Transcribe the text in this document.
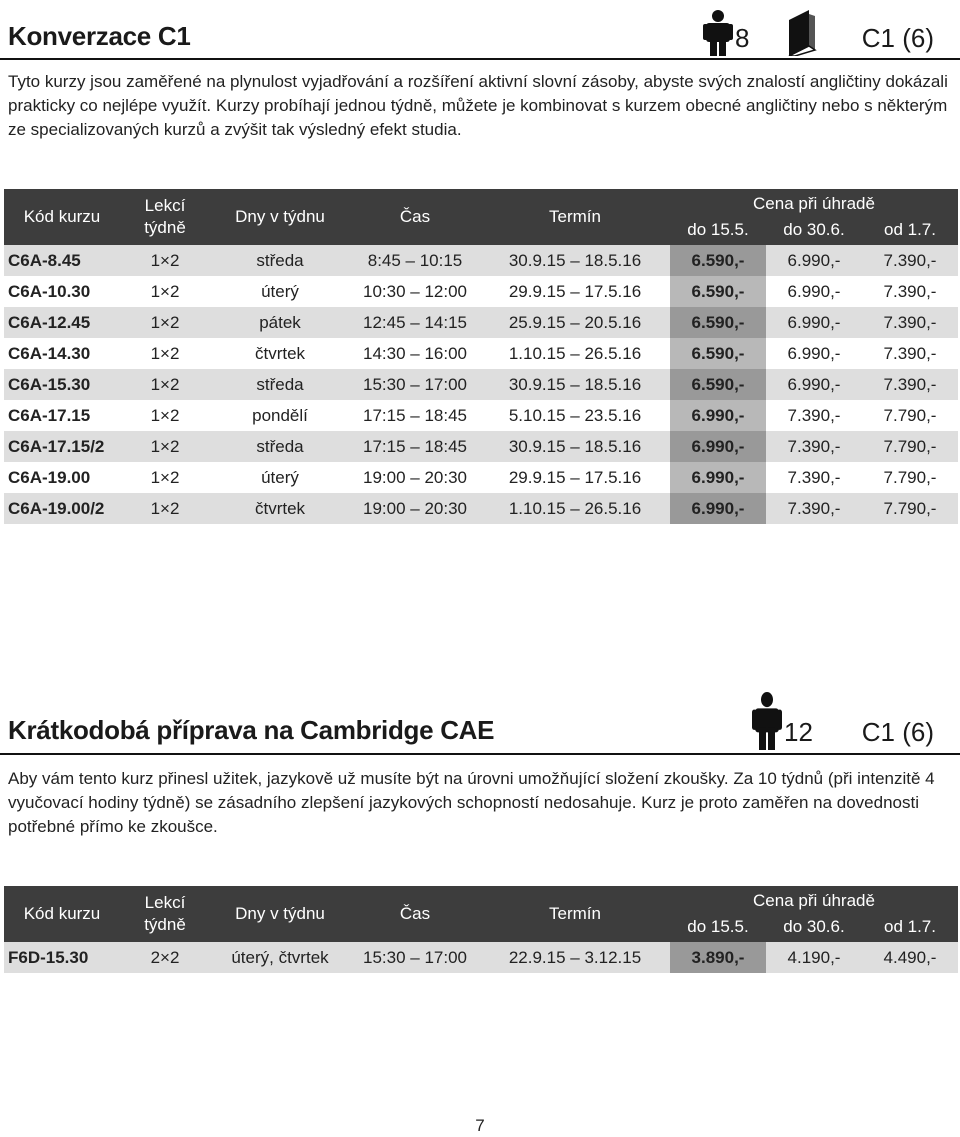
Konverzace C1	8	C1 (6)

Tyto kurzy jsou zaměřené na plynulost vyjadřování a rozšíření aktivní slovní zásoby, abyste svých znalostí angličtiny dokázali prakticky co nejlépe využít. Kurzy probíhají jednou týdně, můžete je kombinovat s kurzem obecné angličtiny nebo s některým ze specializovaných kurzů a zvýšit tak výsledný efekt studia.

Kód kurzu	Lekcí týdně	Dny v týdnu	Čas	Termín	Cena při úhradě		
					do 15.5.	do 30.6.	od 1.7.
C6A-8.45	1×2	středa	8:45 – 10:15	30.9.15 – 18.5.16	6.590,-	6.990,-	7.390,-
C6A-10.30	1×2	úterý	10:30 – 12:00	29.9.15 – 17.5.16	6.590,-	6.990,-	7.390,-
C6A-12.45	1×2	pátek	12:45 – 14:15	25.9.15 – 20.5.16	6.590,-	6.990,-	7.390,-
C6A-14.30	1×2	čtvrtek	14:30 – 16:00	1.10.15 – 26.5.16	6.590,-	6.990,-	7.390,-
C6A-15.30	1×2	středa	15:30 – 17:00	30.9.15 – 18.5.16	6.590,-	6.990,-	7.390,-
C6A-17.15	1×2	pondělí	17:15 – 18:45	5.10.15 – 23.5.16	6.990,-	7.390,-	7.790,-
C6A-17.15/2	1×2	středa	17:15 – 18:45	30.9.15 – 18.5.16	6.990,-	7.390,-	7.790,-
C6A-19.00	1×2	úterý	19:00 – 20:30	29.9.15 – 17.5.16	6.990,-	7.390,-	7.790,-
C6A-19.00/2	1×2	čtvrtek	19:00 – 20:30	1.10.15 – 26.5.16	6.990,-	7.390,-	7.790,-
Krátkodobá příprava na Cambridge CAE	12 C1 (6)

Aby vám tento kurz přinesl užitek, jazykově už musíte být na úrovni umožňující složení zkoušky. Za 10 týdnů (při intenzitě 4 vyučovací hodiny týdně) se zásadního zlepšení jazykových schopností nedosahuje. Kurz je proto zaměřen na dovednosti potřebné přímo ke zkoušce.

Kód kurzu	Lekcí týdně	Dny v týdnu	Čas	Termín	Cena při úhradě		
					do 15.5.	do 30.6.	od 1.7.
F6D-15.30	2×2	úterý, čtvrtek	15:30 – 17:00	22.9.15 – 3.12.15	3.890,-	4.190,-	4.490,-
7
